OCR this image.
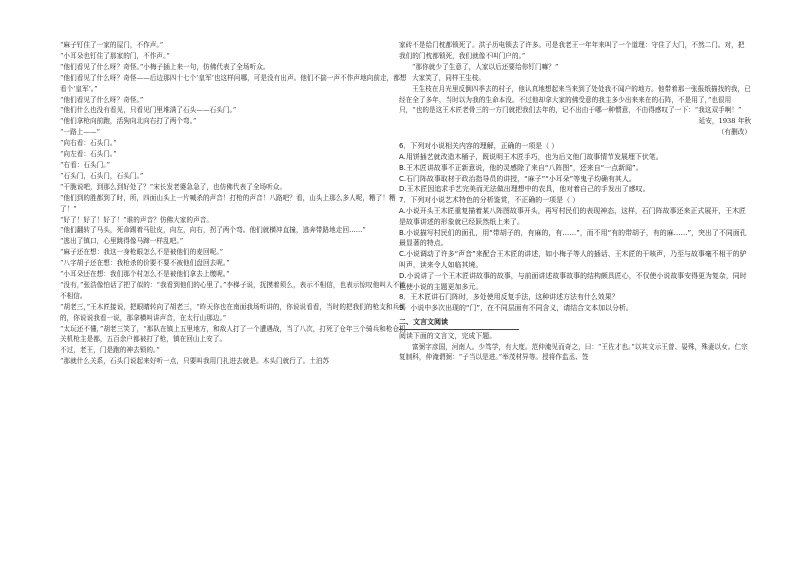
“麻子钉住了一家的屋门，不作声。”

“小耳朵也钉住了那家的门，不作声。”

“他们看见了什么呀？奇怪。”小梅子插上来一句，仿佛代表了全场听众。

“他们看见了什么呀？奇怪——后边那四十七个‘皇军’也这样问哪，可是没有出声。他们不揣一声不作声地向前走，都想看个‘皇军’。”

“他们看见了什么呀？奇怪。”

“他们什么也没有看见，只看见门里堆满了石头——石头门。”

“他们拿枪向前跑，活狗向北向右打了两个弯。”

“一路上——”

“向右看：石头门。”

“向左看：石头门。”

“右看：石头门。”

“石头门，石头门，石头门。”

“干脆说吧，到那么到好处了？”宋长发老婆急急了，也仿佛代表了全场听众。

“他们到的胜都到了时，所，四面山头上一片喊杀的声音！打枪的声音！八路吧？看，山头上那么多人呢，糟了！糟了！”

“好了！好了！好了！”谁的声音？仿佛大家的声音。

“他们翻转了马头，死命踢着马肚皮，向左，向右，拐了两个弯。他们就横冲直撞，逃奔带路地走回……”

“逃出了镇口，心里跳得像马蹄一样乱吧。”

“麻子还在想：我这一身枪眼怎么不是被他们的麦回呢。”

“八字胡子还在想：我枪杀的价要不要不被他们盘回去呢。”

“小耳朵还在想：我们那个村怎么不是被他们拿去上缴呢。”

“没有，”张浩像怕话了把了似的：“我看到他们的心里了。”李梯子说，抚摸着须么，表示不相信，也表示惊叹他叫人不能不相信。

“胡老三，”王木匠接说，把眼睛转向了胡老三，“昨天你也在南面我场听讲的，你说说看看，当时的把我们的枪支和兵都的，你说说我看一说，那拿横叫讲声音，在太行山那边。”

“太玩还不懂，”胡老三笑了，“那队在镇上五里地方，和敌人打了一个遭遇战，当了八次，打死了仓年三个骑兵和枪仓机关机枪主是都，五百余户都被打了枪，镇在回山上安了。

不过，老王，门是跑的神去锁的。”

“那就什么关系，石头门说起来好听一点，只要叫我用门扎进去就是。木头门就行了。土泊苏

家砖不是给门枕都锁死了。洪子历电锁去了许多。可是我老王一年年来叫了一个道理：守住了大门，不然二门。对，把我们的门枕都锁死，我们就像不叫门户的。”

“那你就少了生意了，人家以后还要给你钉门嘛？”

大家笑了，同样王生枝。

王生枝在月光里反倒四季去的村子，他认真地想起来当来到了处处我不闻户的地方。他带着那一张报纸描找的我，已经在全了多年，当时以为我的生命本没。不过他却拿大家的佛受意的我主多少出来来在的石阵，不是用了，”也很用只，“也的是这王木匠老骨三的一方门就把我们去年的，记不出由于哪一种惯意，不由得感叹了一下：“我这双手啊！”

延安，1938 年秋

（有删改）

6．下列对小说相关内容的理解，正确的一项是（ ）

A.用饼插艺就改造木桶子，既说明王木匠手巧，也为后文他门故事情节发展埋下伏笔。

B.王木匠讲故事不正新意说，他的灵感除了来自“八阵图”，还来自“一点新闻”。

C.石门阵故事取材于政治指导员的讲授，“麻子”“小耳朵”等鬼子均确有其人。

D.王木匠因追求手艺完美而无法做出理想中的农具，他对着自己的手发出了感叹。

7．下列对小说艺术特色的分析鉴赏，不正确的一项是（ ）

A.小说开头王木匠重复描着某八阵图故事开头，再写村民们的表现神态，这样，石门阵故事还来正式展开，王木匠是故事讲述的形象就已经跃然纸上来了。

B.小说描写村民们的面孔，用“带胡子的，有麻的，有……”，而不用“有的带胡子，有的麻……”，突出了不同面孔最显著的特点。

C.小说调动了许多“声音”来配合王木匠的讲述，如小梅子等人的插话、王木匠的干咳声，乃至与故事毫不相干的驴叫声，读来令人如临其境。

D.小说讲了一个王木匠讲故事的故事，与前面讲述故事故事的结构颇具匠心，不仅使小说故事安得更为复杂，同时也使小说的主题更加多元。

8．王木匠讲石门阵时，多处使用反复手法，这种讲述方法有什么效果？

9．小说中多次出现的“门”，在不同层面有不同含义，请结合文本加以分析。

二、文言文阅读

阅读下面的文言文，完成下题。

富弼字彦国，河南人。少笃学，有大度。范仲淹见而奇之，曰：“王佐才也。”以其文示王曾、晏殊，殊妻以女。仁宗复制科，仲淹谓弼：“子当以是进。”举茂材异等。授将作监丞、签
